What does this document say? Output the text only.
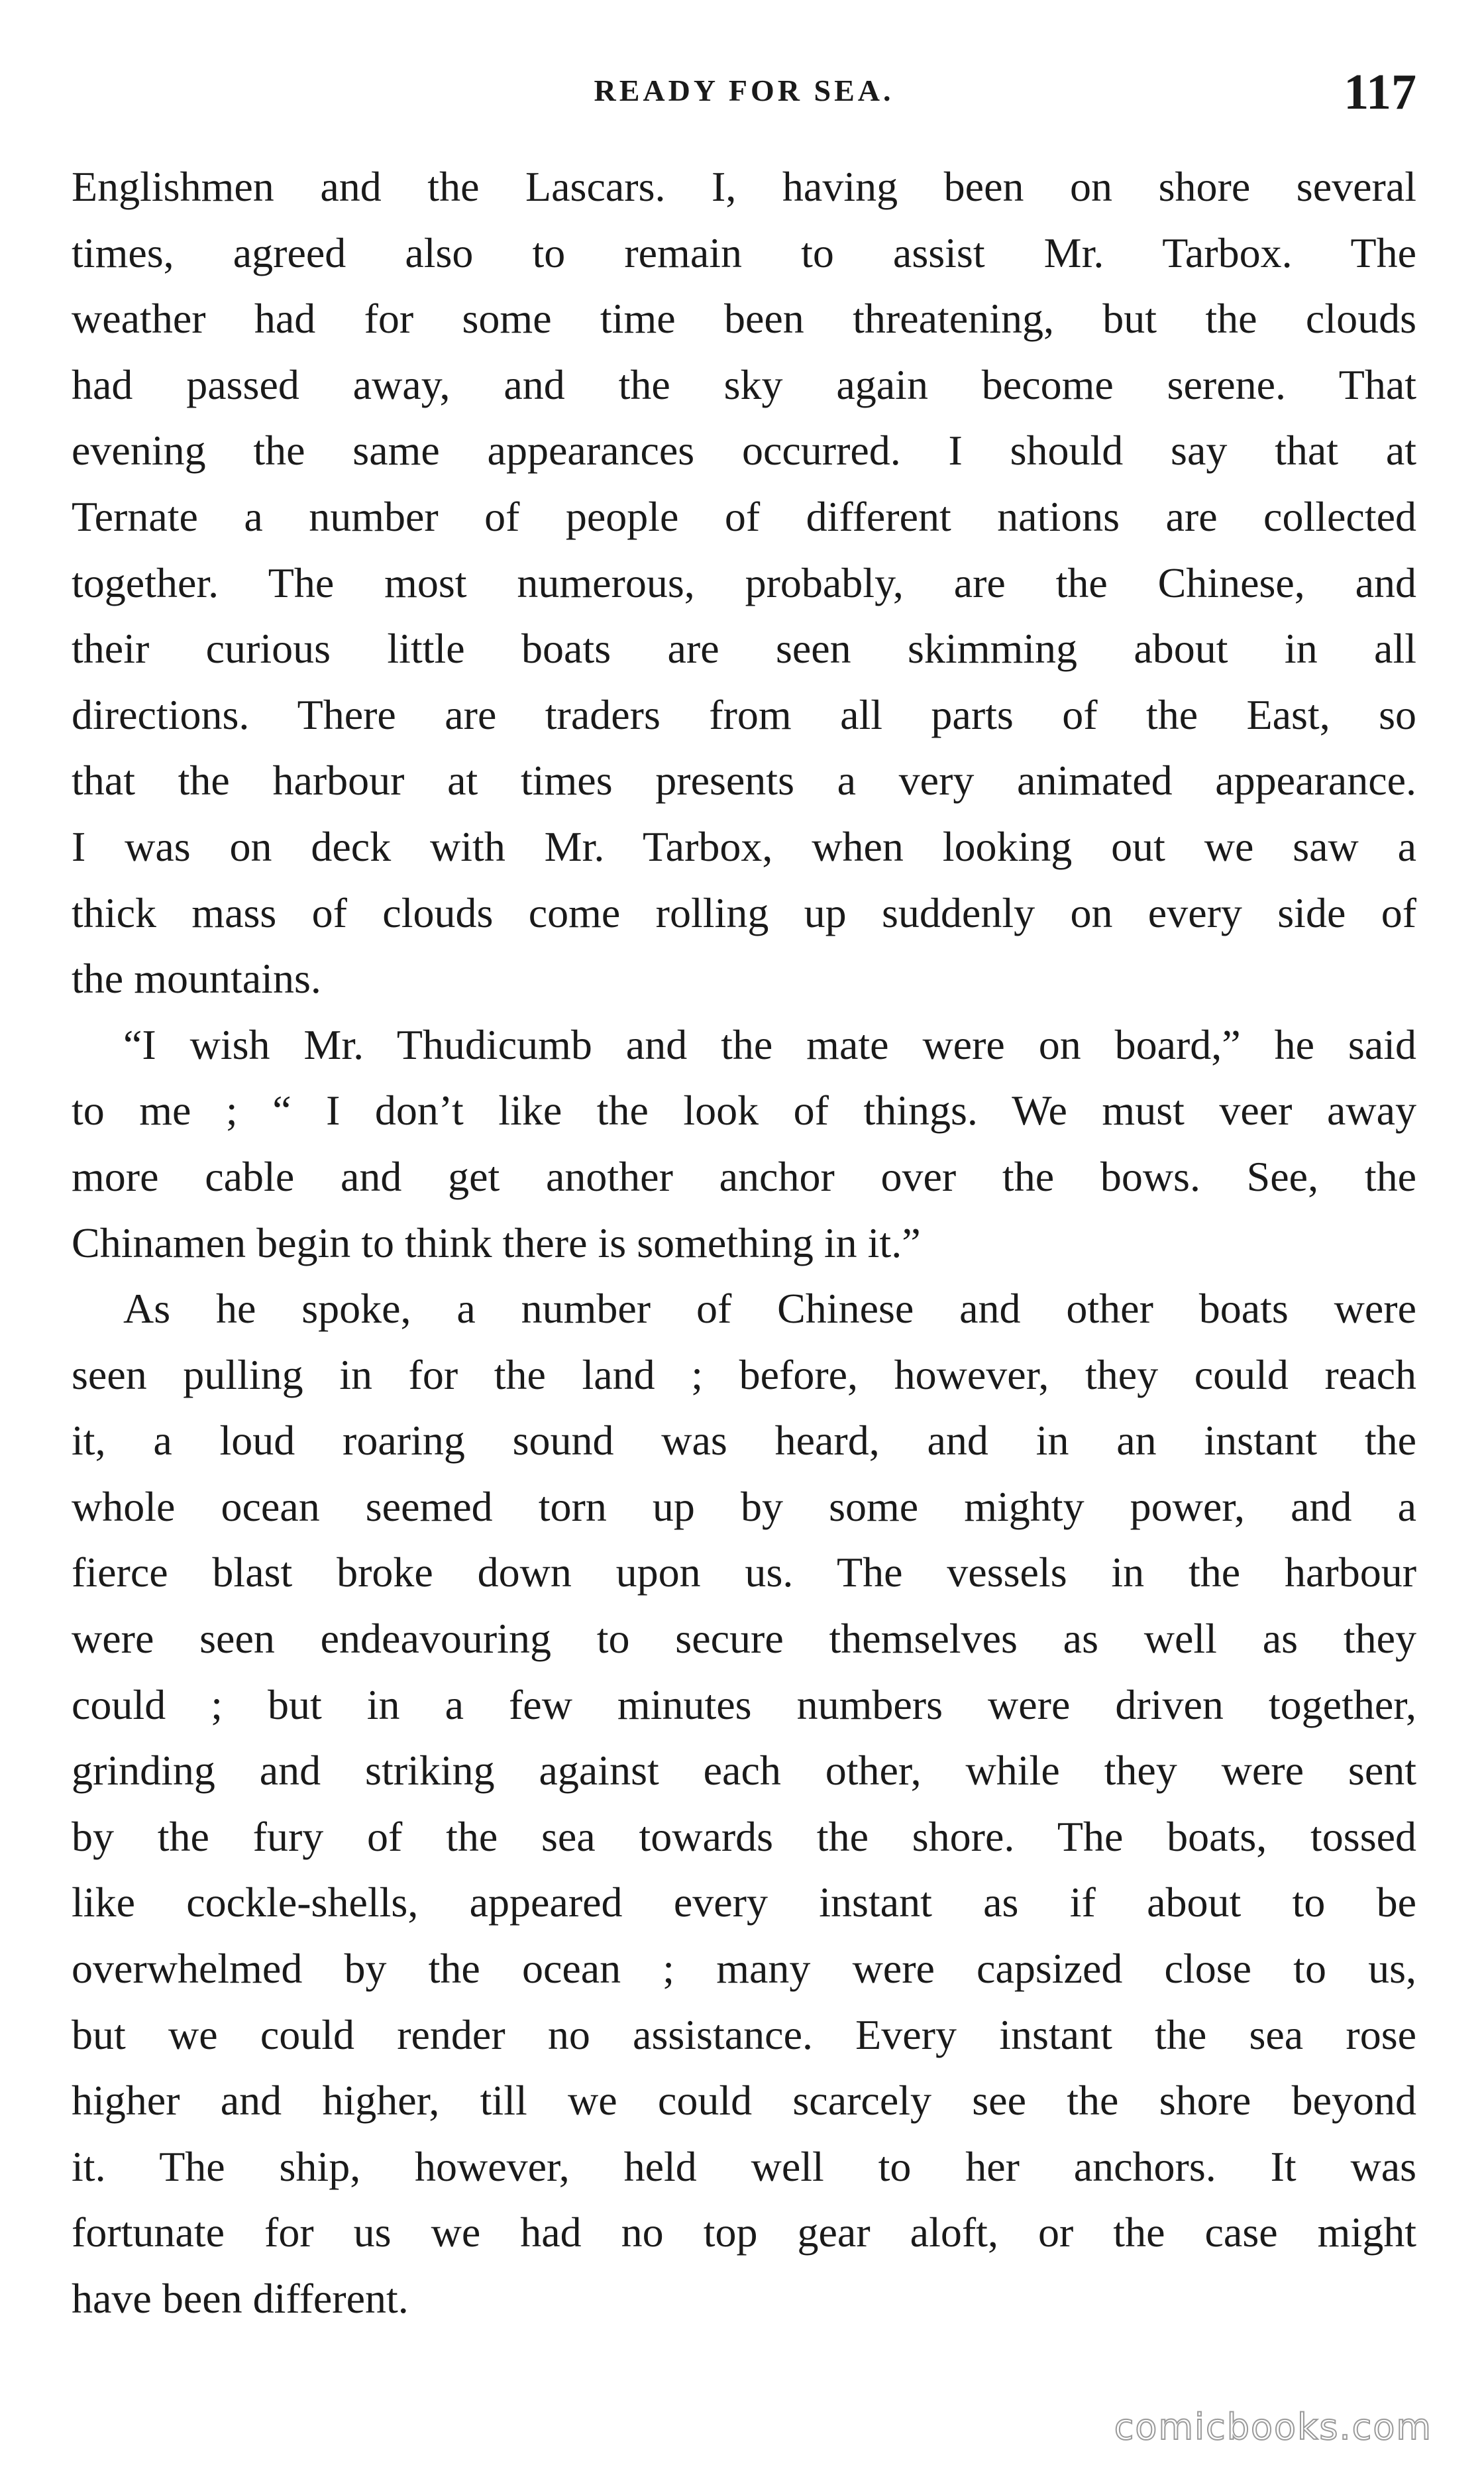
READY FOR SEA.	117
Englishmen and the Lascars. I, having been on shore several
times, agreed also to remain to assist Mr. Tarbox. The
weather had for some time been threatening, but the clouds
had passed away, and the sky again become serene. That
evening the same appearances occurred. I should say that at
Ternate a number of people of different nations are collected
together. The most numerous, probably, are the Chinese, and
their curious little boats are seen skimming about in all
directions. There are traders from all parts of the East, so
that the harbour at times presents a very animated appearance.
I was on deck with Mr. Tarbox, when looking out we saw a
thick mass of clouds come rolling up suddenly on every side of
the mountains.
“I wish Mr. Thudicumb and the mate were on board,” he said
to me ; “ I don’t like the look of things. We must veer away
more cable and get another anchor over the bows. See, the
Chinamen begin to think there is something in it.”
As he spoke, a number of Chinese and other boats were
seen pulling in for the land ; before, however, they could reach
it, a loud roaring sound was heard, and in an instant the
whole ocean seemed torn up by some mighty power, and a
fierce blast broke down upon us. The vessels in the harbour
were seen endeavouring to secure themselves as well as they
could ; but in a few minutes numbers were driven together,
grinding and striking against each other, while they were sent
by the fury of the sea towards the shore. The boats, tossed
like cockle-shells, appeared every instant as if about to be
overwhelmed by the ocean ; many were capsized close to us,
but we could render no assistance. Every instant the sea rose
higher and higher, till we could scarcely see the shore beyond
it. The ship, however, held well to her anchors. It was
fortunate for us we had no top gear aloft, or the case might
have been different.
comicbooks.com
